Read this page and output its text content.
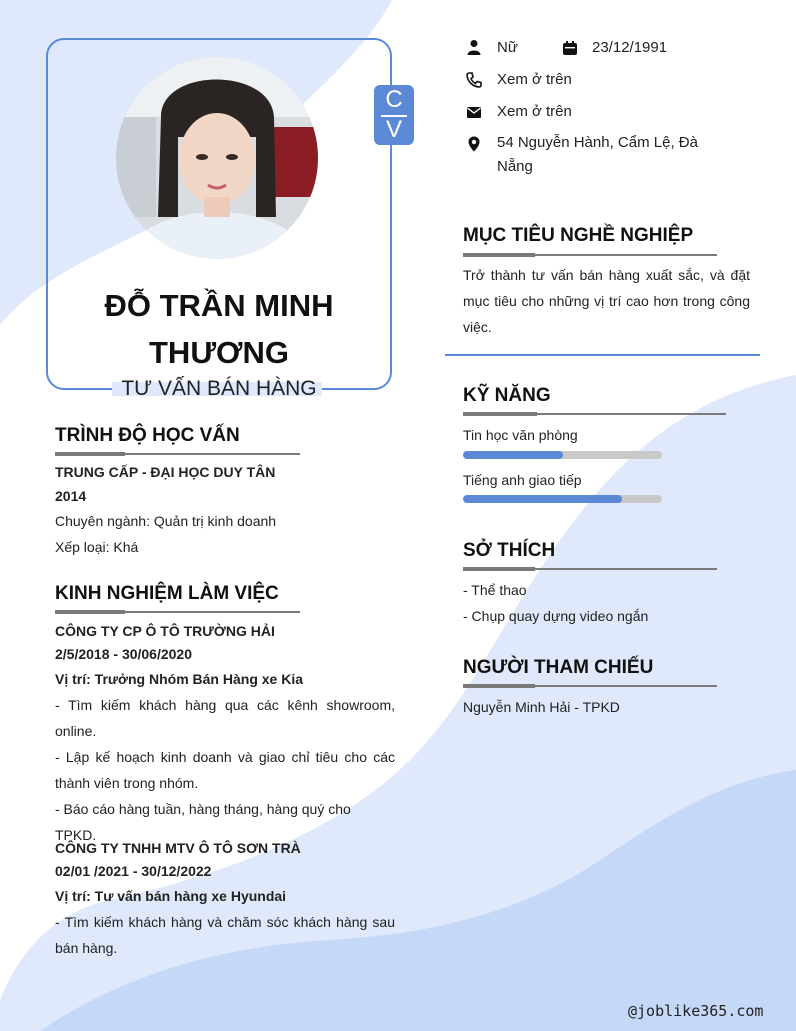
C
V
ĐỖ TRẦN MINH
THƯƠNG
TƯ VẤN BÁN HÀNG
Nữ	23/12/1991
Xem ở trên
Xem ở trên
54 Nguyễn Hành, Cẩm Lệ, Đà
Nẵng
MỤC TIÊU NGHỀ NGHIỆP
Trở thành tư vấn bán hàng xuất sắc, và đặt
mục tiêu cho những vị trí cao hơn trong công
việc.
KỸ NĂNG
Tin học văn phòng
Tiếng anh giao tiếp
SỞ THÍCH
- Thể thao
- Chụp quay dựng video ngắn
NGƯỜI THAM CHIẾU
Nguyễn Minh Hải - TPKD
TRÌNH ĐỘ HỌC VẤN
TRUNG CẤP - ĐẠI HỌC DUY TÂN
2014
Chuyên ngành: Quản trị kinh doanh
Xếp loại: Khá
KINH NGHIỆM LÀM VIỆC
CÔNG TY CP Ô TÔ TRƯỜNG HẢI
2/5/2018 - 30/06/2020
Vị trí: Trưởng Nhóm Bán Hàng xe Kia
- Tìm kiếm khách hàng qua các kênh showroom,
online.
- Lập kế hoạch kinh doanh và giao chỉ tiêu cho các
thành viên trong nhóm.
- Báo cáo hàng tuần, hàng tháng, hàng quý cho TPKD.
CÔNG TY TNHH MTV Ô TÔ SƠN TRÀ
02/01 /2021 - 30/12/2022
Vị trí: Tư vấn bán hàng xe Hyundai
- Tìm kiếm khách hàng và chăm sóc khách hàng sau
bán hàng.
@joblike365.com
